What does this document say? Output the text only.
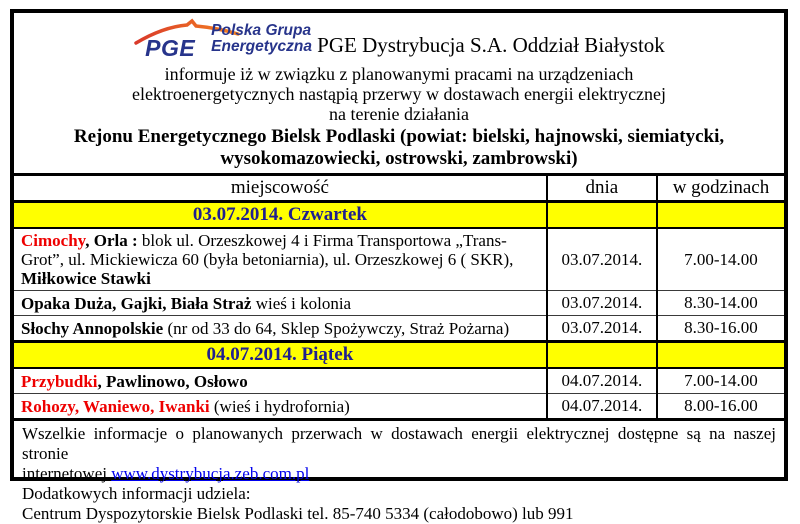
PGE
Polska Grupa
Energetyczna PGE Dystrybucja S.A. Oddział Białystok
informuje iż w związku z planowanymi pracami na urządzeniach
elektroenergetycznych nastąpią przerwy w dostawach energii elektrycznej
na terenie działania
Rejonu Energetycznego Bielsk Podlaski (powiat: bielski, hajnowski, siemiatycki,
wysokomazowiecki, ostrowski, zambrowski)
miejscowość	dnia	w godzinach
03.07.2014. Czwartek		
Cimochy, Orla : blok ul. Orzeszkowej 4 i Firma Transportowa „Trans-Grot”, ul. Mickiewicza 60 (była betoniarnia), ul. Orzeszkowej 6 ( SKR), Miłkowice Stawki	03.07.2014.	7.00-14.00
Opaka Duża, Gajki, Biała Straż wieś i kolonia	03.07.2014.	8.30-14.00
Słochy Annopolskie (nr od 33 do 64, Sklep Spożywczy, Straż Pożarna)	03.07.2014.	8.30-16.00
04.07.2014. Piątek		
Przybudki, Pawlinowo, Osłowo	04.07.2014.	7.00-14.00
Rohozy, Waniewo, Iwanki (wieś i hydrofornia)	04.07.2014.	8.00-16.00
Wszelkie informacje o planowanych przerwach w dostawach energii elektrycznej dostępne są na naszej stronie
internetowej www.dystrybucja.zeb.com.pl.
Dodatkowych informacji udziela:
Centrum Dyspozytorskie Bielsk Podlaski tel. 85-740 5334 (całodobowo) lub 991
